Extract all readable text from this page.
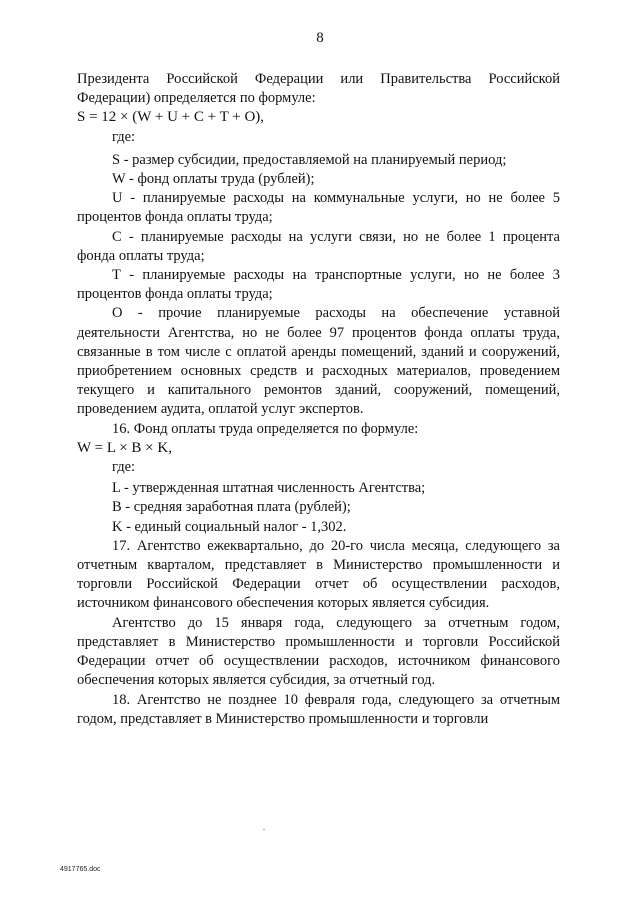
8

Президента Российской Федерации или Правительства Российской Федерации) определяется по формуле:

S = 12 × (W + U + C + T + O),

где:

S - размер субсидии, предоставляемой на планируемый период;

W - фонд оплаты труда (рублей);

U - планируемые расходы на коммунальные услуги, но не более 5 процентов фонда оплаты труда;

С - планируемые расходы на услуги связи, но не более 1 процента фонда оплаты труда;

Т - планируемые расходы на транспортные услуги, но не более 3 процентов фонда оплаты труда;

О - прочие планируемые расходы на обеспечение уставной деятельности Агентства, но не более 97 процентов фонда оплаты труда, связанные в том числе с оплатой аренды помещений, зданий и сооружений, приобретением основных средств и расходных материалов, проведением текущего и капитального ремонтов зданий, сооружений, помещений, проведением аудита, оплатой услуг экспертов.

16. Фонд оплаты труда определяется по формуле:

W = L × B × K,

где:

L - утвержденная штатная численность Агентства;

B - средняя заработная плата (рублей);

K - единый социальный налог - 1,302.

17. Агентство ежеквартально, до 20-го числа месяца, следующего за отчетным кварталом, представляет в Министерство промышленности и торговли Российской Федерации отчет об осуществлении расходов, источником финансового обеспечения которых является субсидия.

Агентство до 15 января года, следующего за отчетным годом, представляет в Министерство промышленности и торговли Российской Федерации отчет об осуществлении расходов, источником финансового обеспечения которых является субсидия, за отчетный год.

18. Агентство не позднее 10 февраля года, следующего за отчетным годом, представляет в Министерство промышленности и торговли

4917765.doc
